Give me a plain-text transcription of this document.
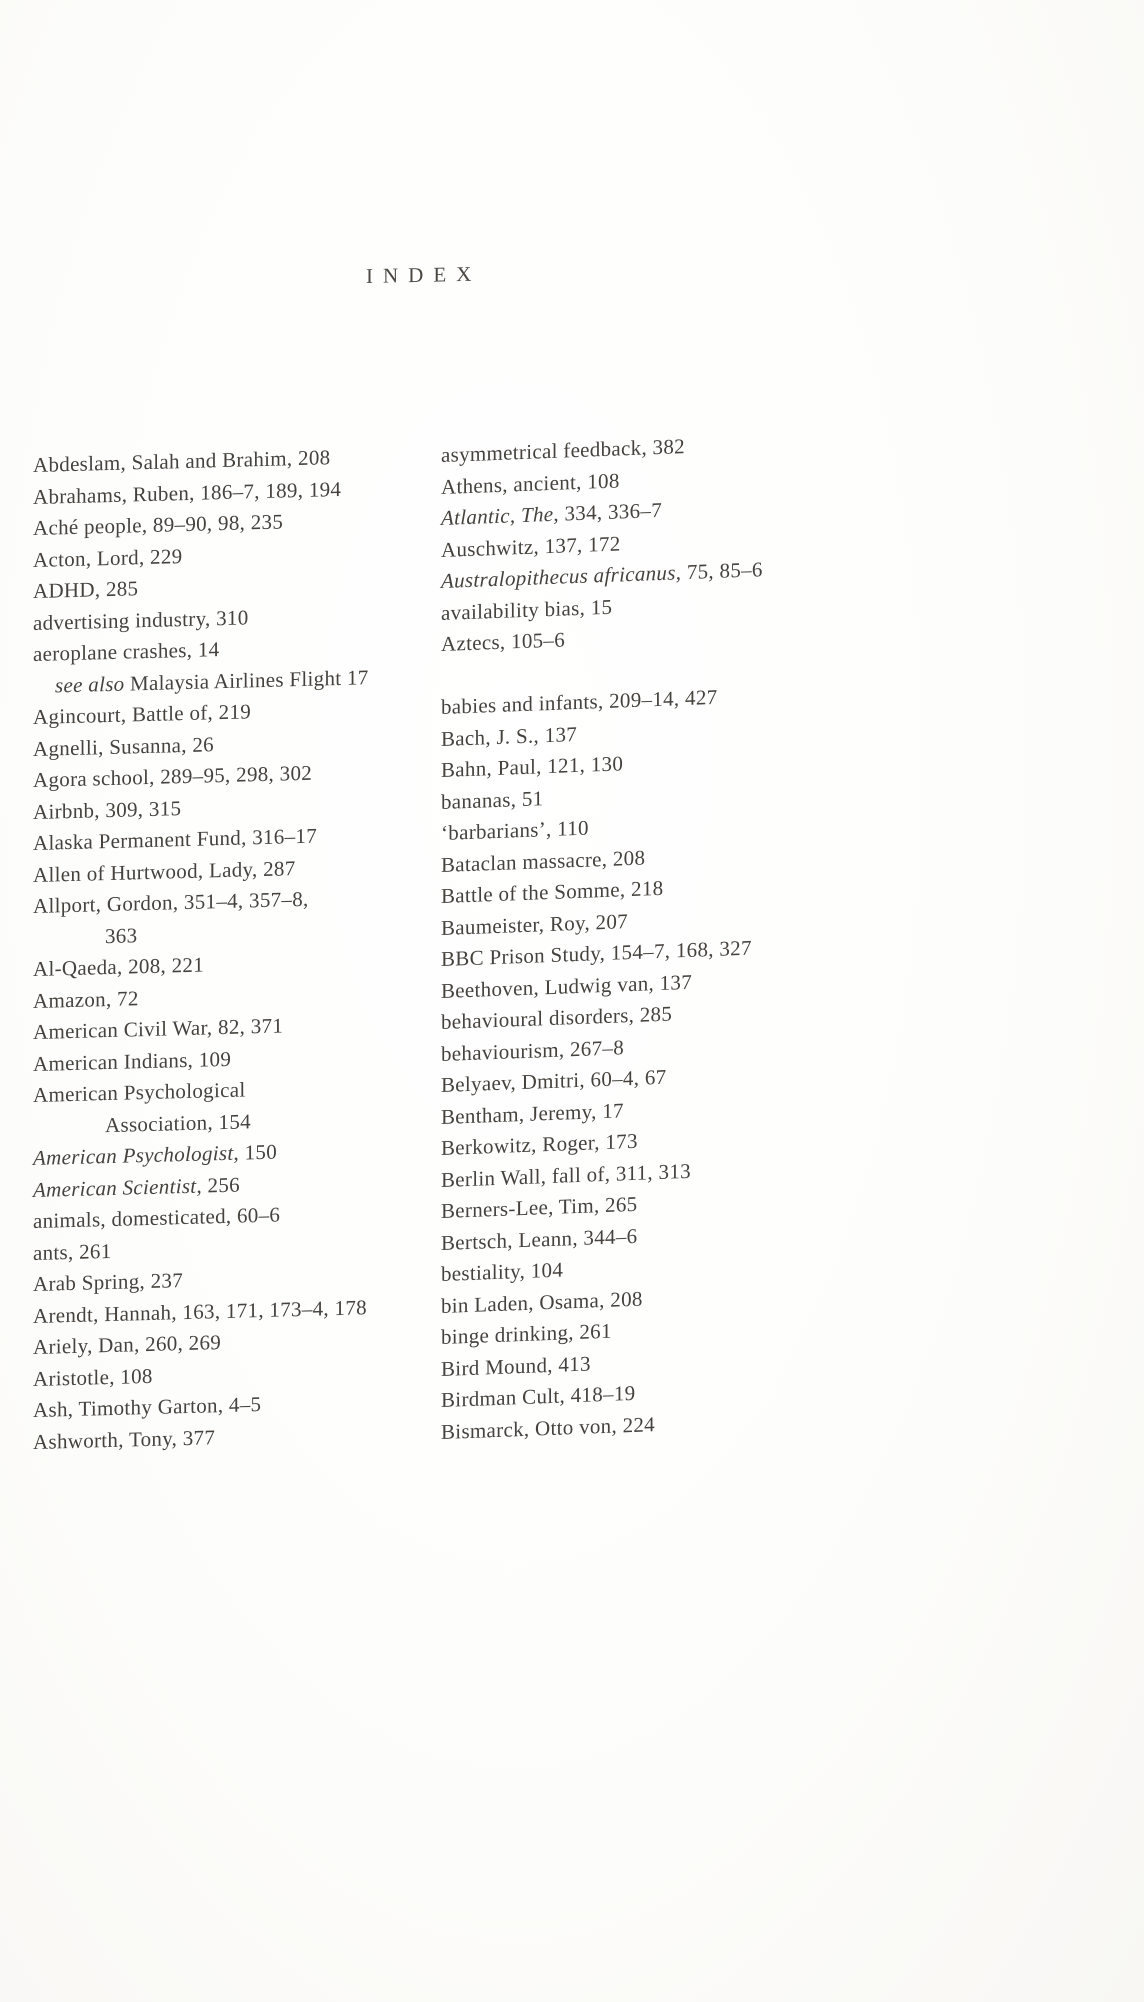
INDEX
Abdeslam, Salah and Brahim, 208
Abrahams, Ruben, 186–7, 189, 194
Aché people, 89–90, 98, 235
Acton, Lord, 229
ADHD, 285
advertising industry, 310
aeroplane crashes, 14
see also Malaysia Airlines Flight 17
Agincourt, Battle of, 219
Agnelli, Susanna, 26
Agora school, 289–95, 298, 302
Airbnb, 309, 315
Alaska Permanent Fund, 316–17
Allen of Hurtwood, Lady, 287
Allport, Gordon, 351–4, 357–8,
363
Al-Qaeda, 208, 221
Amazon, 72
American Civil War, 82, 371
American Indians, 109
American Psychological
Association, 154
American Psychologist, 150
American Scientist, 256
animals, domesticated, 60–6
ants, 261
Arab Spring, 237
Arendt, Hannah, 163, 171, 173–4, 178
Ariely, Dan, 260, 269
Aristotle, 108
Ash, Timothy Garton, 4–5
Ashworth, Tony, 377
asymmetrical feedback, 382
Athens, ancient, 108
Atlantic, The, 334, 336–7
Auschwitz, 137, 172
Australopithecus africanus, 75, 85–6
availability bias, 15
Aztecs, 105–6
babies and infants, 209–14, 427
Bach, J. S., 137
Bahn, Paul, 121, 130
bananas, 51
‘barbarians’, 110
Bataclan massacre, 208
Battle of the Somme, 218
Baumeister, Roy, 207
BBC Prison Study, 154–7, 168, 327
Beethoven, Ludwig van, 137
behavioural disorders, 285
behaviourism, 267–8
Belyaev, Dmitri, 60–4, 67
Bentham, Jeremy, 17
Berkowitz, Roger, 173
Berlin Wall, fall of, 311, 313
Berners-Lee, Tim, 265
Bertsch, Leann, 344–6
bestiality, 104
bin Laden, Osama, 208
binge drinking, 261
Bird Mound, 413
Birdman Cult, 418–19
Bismarck, Otto von, 224
